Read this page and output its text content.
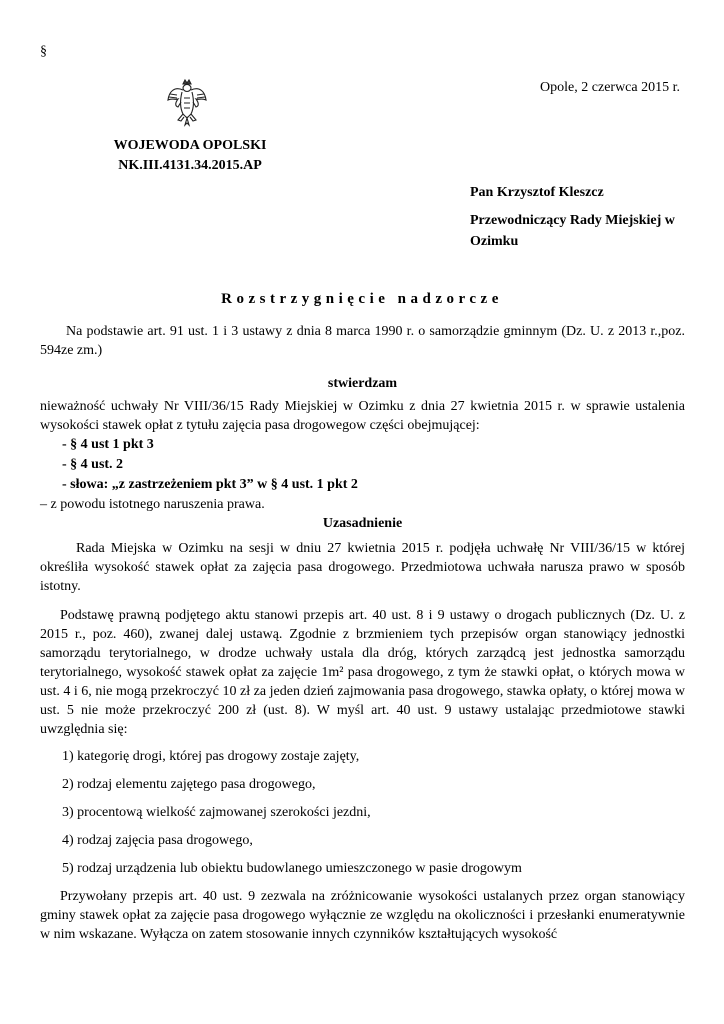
§
Opole, 2 czerwca 2015 r.
WOJEWODA OPOLSKI
NK.III.4131.34.2015.AP
Pan Krzysztof Kleszcz
Przewodniczący Rady Miejskiej w Ozimku
Rozstrzygnięcie nadzorcze

Na podstawie art. 91 ust. 1 i 3 ustawy z dnia 8 marca 1990 r. o samorządzie gminnym (Dz. U. z 2013 r.,poz. 594ze zm.)

stwierdzam

nieważność uchwały Nr VIII/36/15 Rady Miejskiej w Ozimku z dnia 27 kwietnia 2015 r. w sprawie ustalenia wysokości stawek opłat z tytułu zajęcia pasa drogowegow części obejmującej:

- § 4 ust 1 pkt 3
- § 4 ust. 2
- słowa: „z zastrzeżeniem pkt 3” w § 4 ust. 1 pkt 2

– z powodu istotnego naruszenia prawa.

Uzasadnienie

Rada Miejska w Ozimku na sesji w dniu 27 kwietnia 2015 r. podjęła uchwałę Nr VIII/36/15 w której określiła wysokość stawek opłat za zajęcia pasa drogowego. Przedmiotowa uchwała narusza prawo w sposób istotny.

Podstawę prawną podjętego aktu stanowi przepis art. 40 ust. 8 i 9 ustawy o drogach publicznych (Dz. U. z 2015 r., poz. 460), zwanej dalej ustawą. Zgodnie z brzmieniem tych przepisów organ stanowiący jednostki samorządu terytorialnego, w drodze uchwały ustala dla dróg, których zarządcą jest jednostka samorządu terytorialnego, wysokość stawek opłat za zajęcie 1m² pasa drogowego, z tym że stawki opłat, o których mowa w ust. 4 i 6, nie mogą przekroczyć 10 zł za jeden dzień zajmowania pasa drogowego, stawka opłaty, o której mowa w ust. 5 nie może przekroczyć 200 zł (ust. 8). W myśl art. 40 ust. 9 ustawy ustalając przedmiotowe stawki uwzględnia się:

1) kategorię drogi, której pas drogowy zostaje zajęty,
2) rodzaj elementu zajętego pasa drogowego,
3) procentową wielkość zajmowanej szerokości jezdni,
4) rodzaj zajęcia pasa drogowego,
5) rodzaj urządzenia lub obiektu budowlanego umieszczonego w pasie drogowym

Przywołany przepis art. 40 ust. 9 zezwala na zróżnicowanie wysokości ustalanych przez organ stanowiący gminy stawek opłat za zajęcie pasa drogowego wyłącznie ze względu na okoliczności i przesłanki enumeratywnie w nim wskazane. Wyłącza on zatem stosowanie innych czynników kształtujących wysokość
